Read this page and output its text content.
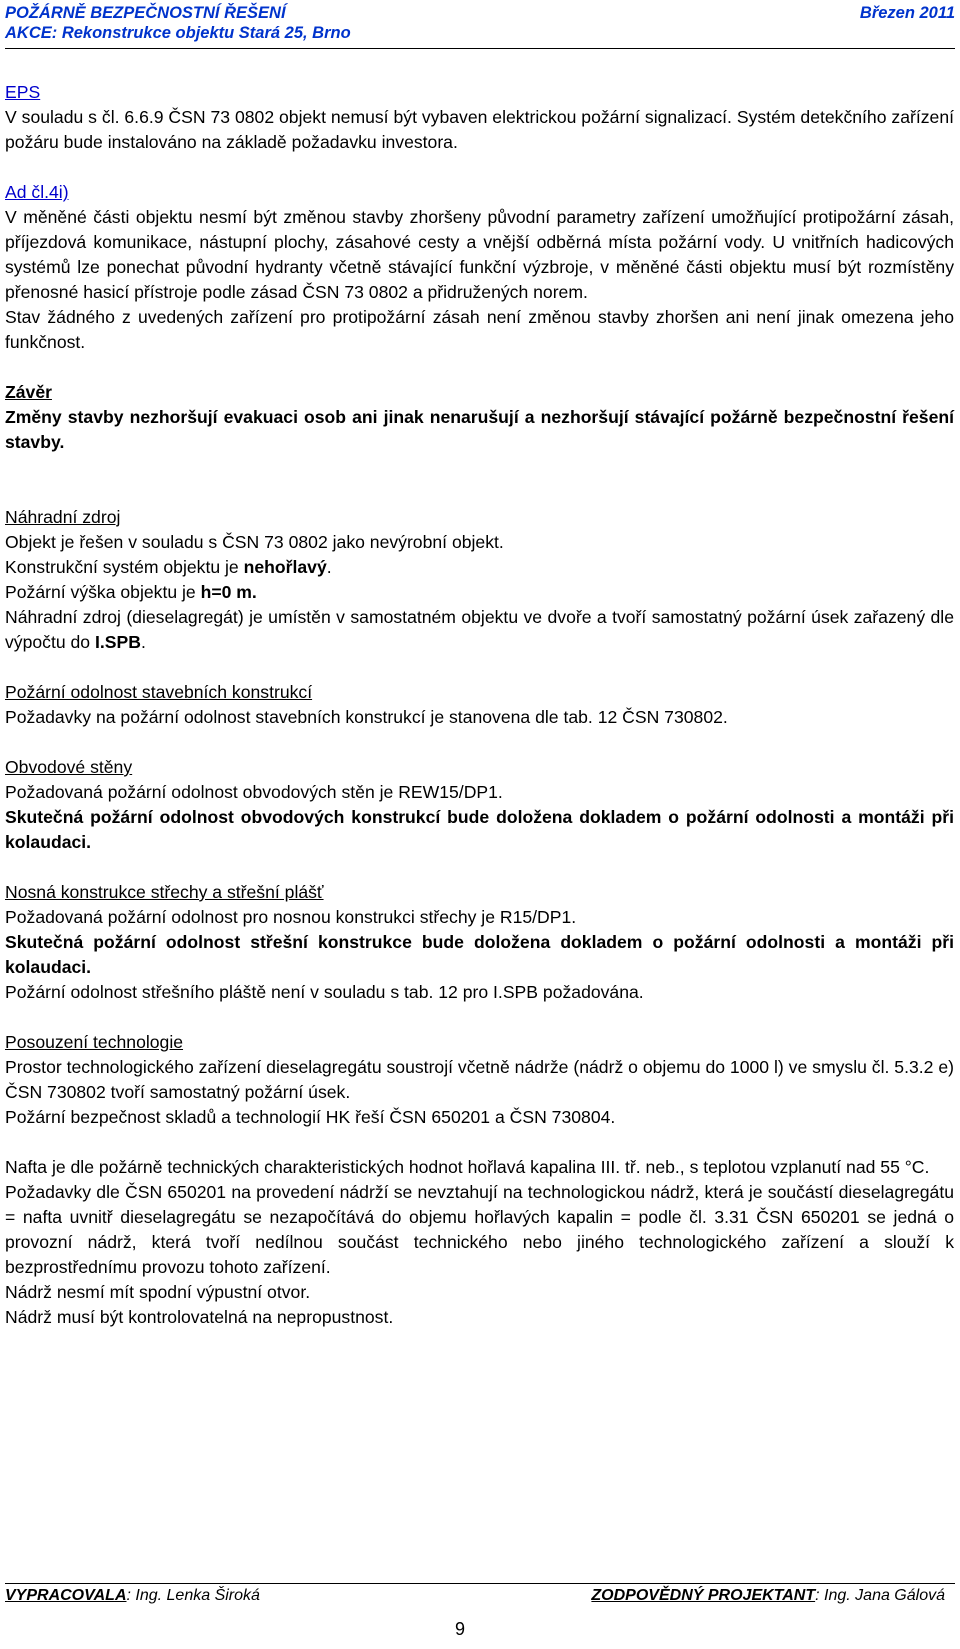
POŽÁRNĚ BEZPEČNOSTNÍ ŘEŠENÍ	Březen 2011
AKCE: Rekonstrukce objektu Stará 25, Brno

EPS

V souladu s čl. 6.6.9 ČSN 73 0802 objekt nemusí být vybaven elektrickou požární signalizací. Systém detekčního zařízení požáru bude instalováno na základě požadavku investora.

Ad čl.4i)

V měněné části objektu nesmí být změnou stavby zhoršeny původní parametry zařízení umožňující protipožární zásah, příjezdová komunikace, nástupní plochy, zásahové cesty a vnější odběrná místa požární vody. U vnitřních hadicových systémů lze ponechat původní hydranty včetně stávající funkční výzbroje, v měněné části objektu musí být rozmístěny přenosné hasicí přístroje podle zásad ČSN 73 0802 a přidružených norem.

Stav žádného z uvedených zařízení pro protipožární zásah není změnou stavby zhoršen ani není jinak omezena jeho funkčnost.

Závěr

Změny stavby nezhoršují evakuaci osob ani jinak nenarušují a nezhoršují stávající požárně bezpečnostní řešení stavby.

Náhradní zdroj

Objekt je řešen v souladu s ČSN 73 0802 jako nevýrobní objekt.

Konstrukční systém objektu je nehořlavý.

Požární výška objektu je h=0 m.

Náhradní zdroj (dieselagregát) je umístěn v samostatném objektu ve dvoře a tvoří samostatný požární úsek zařazený dle výpočtu do I.SPB.

Požární odolnost stavebních konstrukcí

Požadavky na požární odolnost stavebních konstrukcí je stanovena dle tab. 12 ČSN 730802.

Obvodové stěny

Požadovaná požární odolnost obvodových stěn je REW15/DP1.

Skutečná požární odolnost obvodových konstrukcí bude doložena dokladem o požární odolnosti a montáži při kolaudaci.

Nosná konstrukce střechy a střešní plášť

Požadovaná požární odolnost pro nosnou konstrukci střechy je R15/DP1.

Skutečná požární odolnost střešní konstrukce bude doložena dokladem o požární odolnosti a montáži při kolaudaci.

Požární odolnost střešního pláště není v souladu s tab. 12 pro I.SPB požadována.

Posouzení technologie

Prostor technologického zařízení dieselagregátu soustrojí včetně nádrže (nádrž o objemu do 1000 l) ve smyslu čl. 5.3.2 e) ČSN 730802 tvoří samostatný požární úsek.

Požární bezpečnost skladů a technologií HK řeší ČSN 650201 a ČSN 730804.

Nafta je dle požárně technických charakteristických hodnot hořlavá kapalina III. tř. neb., s teplotou vzplanutí nad 55 °C.

Požadavky dle ČSN 650201 na provedení nádrží se nevztahují na technologickou nádrž, která je součástí dieselagregátu = nafta uvnitř dieselagregátu se nezapočítává do objemu hořlavých kapalin = podle čl. 3.31 ČSN 650201 se jedná o provozní nádrž, která tvoří nedílnou součást technického nebo jiného technologického zařízení a slouží k bezprostřednímu provozu tohoto zařízení.

Nádrž nesmí mít spodní výpustní otvor.

Nádrž musí být kontrolovatelná na nepropustnost.

VYPRACOVALA: Ing. Lenka Široká	ZODPOVĚDNÝ PROJEKTANT: Ing. Jana Gálová
9
